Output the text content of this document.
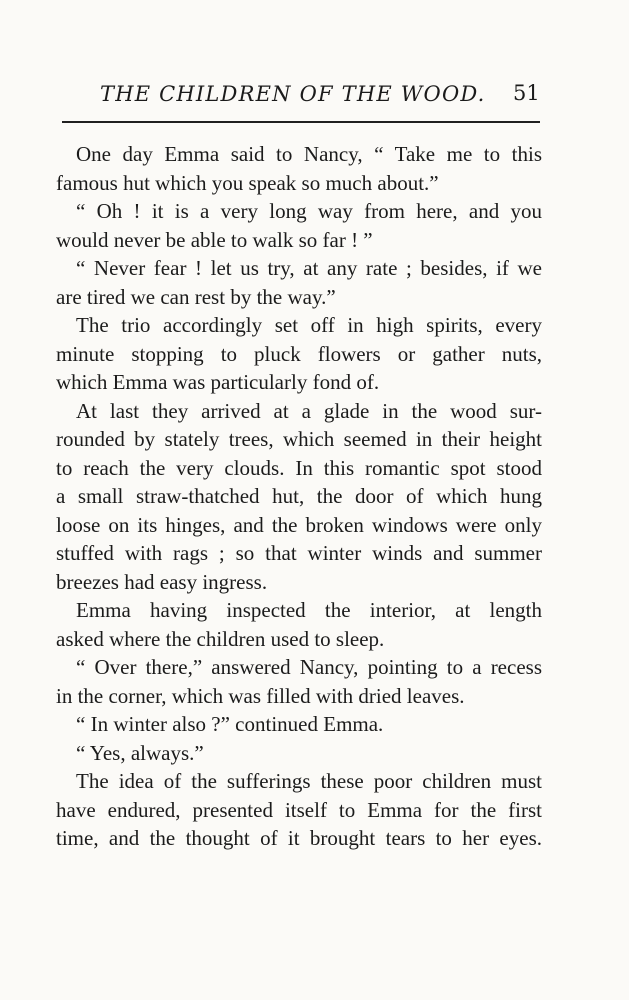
THE CHILDREN OF THE WOOD.	51
One day Emma said to Nancy, “ Take me to this
famous hut which you speak so much about.”
“ Oh ! it is a very long way from here, and you
would never be able to walk so far ! ”
“ Never fear ! let us try, at any rate ; besides, if we
are tired we can rest by the way.”
The trio accordingly set off in high spirits, every
minute stopping to pluck flowers or gather nuts,
which Emma was particularly fond of.
At last they arrived at a glade in the wood sur-
rounded by stately trees, which seemed in their height
to reach the very clouds. In this romantic spot stood
a small straw-thatched hut, the door of which hung
loose on its hinges, and the broken windows were only
stuffed with rags ; so that winter winds and summer
breezes had easy ingress.
Emma having inspected the interior, at length
asked where the children used to sleep.
“ Over there,” answered Nancy, pointing to a recess
in the corner, which was filled with dried leaves.
“ In winter also ?” continued Emma.
“ Yes, always.”
The idea of the sufferings these poor children must
have endured, presented itself to Emma for the first
time, and the thought of it brought tears to her eyes.
